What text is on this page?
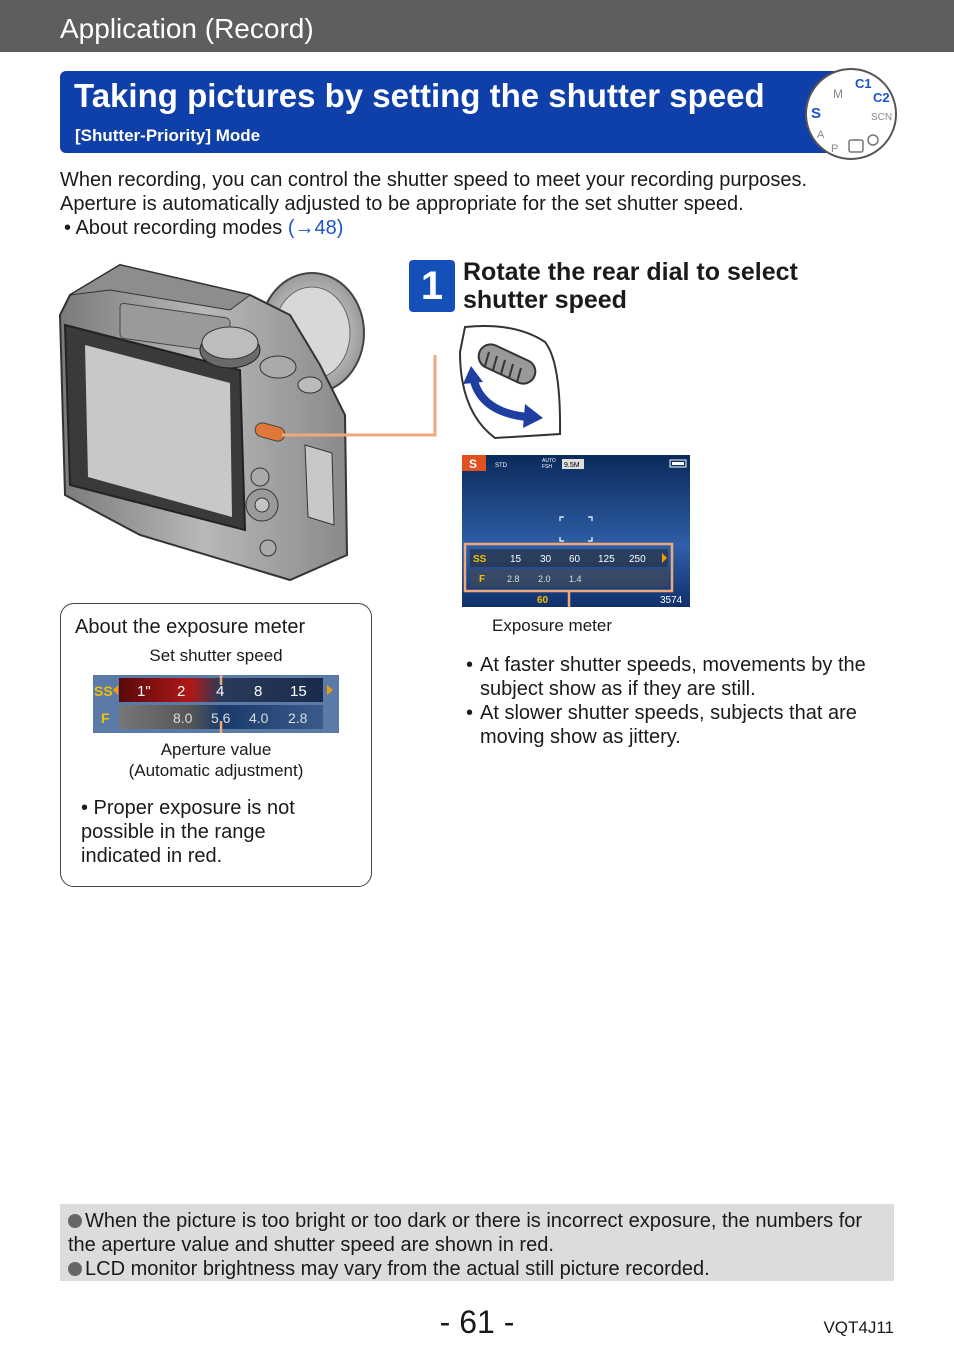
Application (Record)
Taking pictures by setting the shutter speed
[Shutter-Priority] Mode
C1
C2
SCN
M
S
A
P
When recording, you can control the shutter speed to meet your recording purposes.
Aperture is automatically adjusted to be appropriate for the set shutter speed.
• About recording modes (→48)
1 Rotate the rear dial to select
shutter speed
S	STD
AUTO
FSH 9.5M
SS 15 30 60 125 250
F 2.8 2.0 1.4
60	3574
Exposure meter
• At faster shutter speeds, movements by the subject show as if they are still.
• At slower shutter speeds, subjects that are moving show as jittery.
About the exposure meter
Set shutter speed
SS 1" 2 4 8 15
F	8.0 5.6 4.0 2.8
Aperture value
(Automatic adjustment)
• Proper exposure is not possible in the range indicated in red.
When the picture is too bright or too dark or there is incorrect exposure, the numbers for the aperture value and shutter speed are shown in red.
LCD monitor brightness may vary from the actual still picture recorded.
- 61 -	VQT4J11
